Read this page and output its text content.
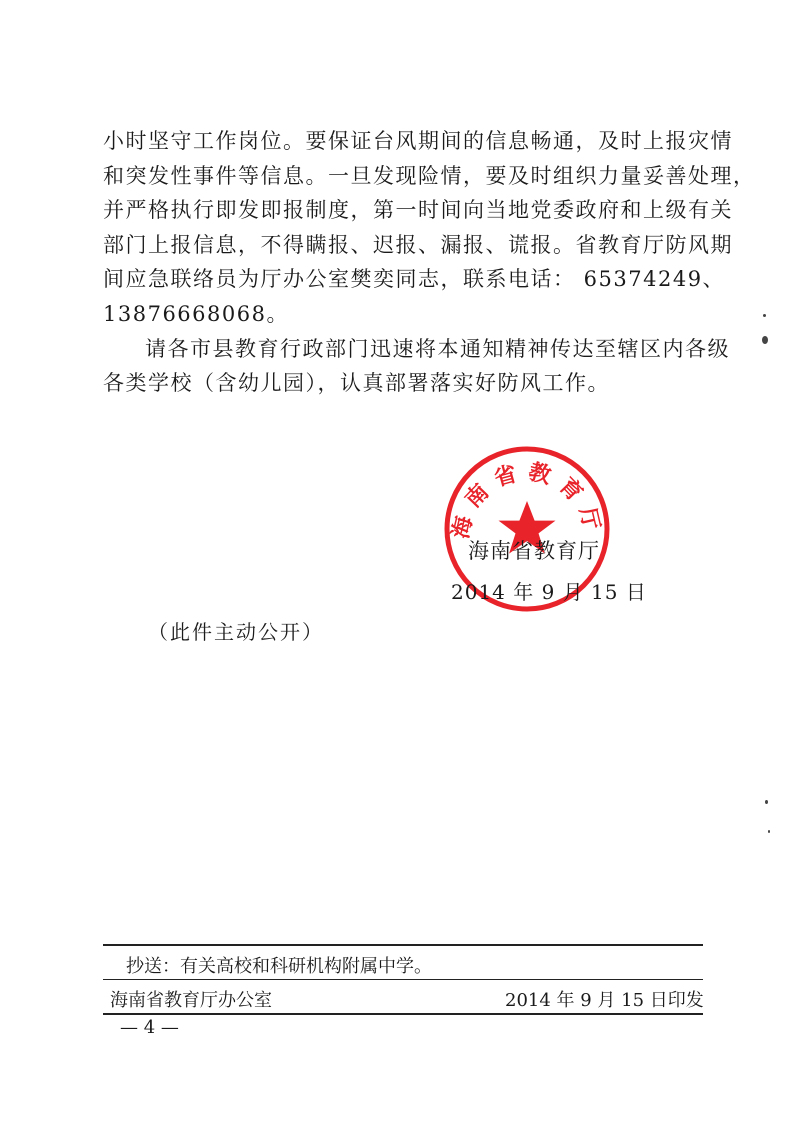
小时坚守工作岗位。要保证台风期间的信息畅通，及时上报灾情
和突发性事件等信息。一旦发现险情，要及时组织力量妥善处理，
并严格执行即发即报制度，第一时间向当地党委政府和上级有关
部门上报信息，不得瞒报、迟报、漏报、谎报。省教育厅防风期
间应急联络员为厅办公室樊奕同志，联系电话： 65374249、
13876668068。
请各市县教育行政部门迅速将本通知精神传达至辖区内各级
各类学校（含幼儿园），认真部署落实好防风工作。
海南省教育厅
海南省教育厅
2014 年 9 月 15 日
（此件主动公开）
抄送：有关高校和科研机构附属中学。
海南省教育厅办公室	2014 年 9 月 15 日印发
— 4 —
